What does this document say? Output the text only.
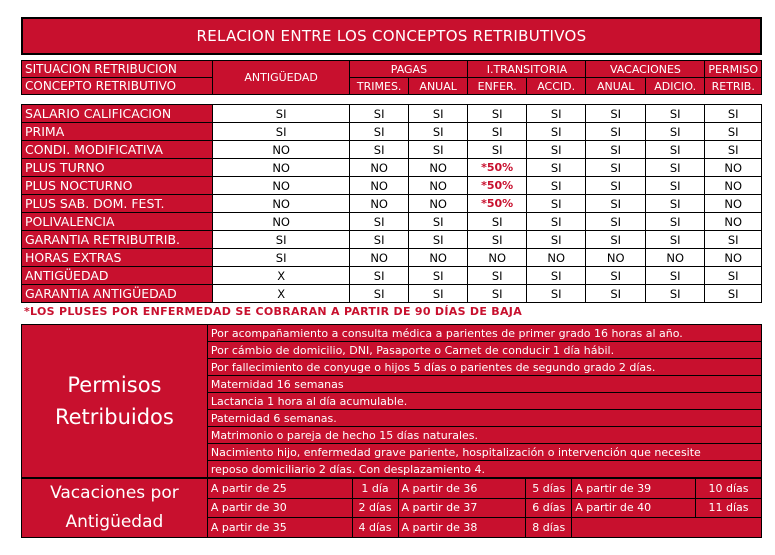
RELACION ENTRE LOS CONCEPTOS RETRIBUTIVOS
SITUACION RETRIBUCION	ANTIGÜEDAD	PAGAS		I.TRANSITORIA		VACACIONES		PERMISO
CONCEPTO RETRIBUTIVO		TRIMES.	ANUAL	ENFER.	ACCID.	ANUAL	ADICIO.	RETRIB.
SALARIO CALIFICACION	SI	SI	SI	SI	SI	SI	SI	SI
PRIMA	SI	SI	SI	SI	SI	SI	SI	SI
CONDI. MODIFICATIVA	NO	SI	SI	SI	SI	SI	SI	SI
PLUS TURNO	NO	NO	NO	*50%	SI	SI	SI	NO
PLUS NOCTURNO	NO	NO	NO	*50%	SI	SI	SI	NO
PLUS SAB. DOM. FEST.	NO	NO	NO	*50%	SI	SI	SI	NO
POLIVALENCIA	NO	SI	SI	SI	SI	SI	SI	NO
GARANTIA RETRIBUTRIB.	SI	SI	SI	SI	SI	SI	SI	SI
HORAS EXTRAS	SI	NO	NO	NO	NO	NO	NO	NO
ANTIGÜEDAD	X	SI	SI	SI	SI	SI	SI	SI
GARANTIA ANTIGÜEDAD	X	SI	SI	SI	SI	SI	SI	SI
*LOS PLUSES POR ENFERMEDAD SE COBRARAN A PARTIR DE 90 DÍAS DE BAJA
Permisos
Retribuidos
	Por acompañamiento a consulta médica a parientes de primer grado 16 horas al año.
Por cámbio de domicilio, DNI, Pasaporte o Carnet de conducir 1 día hábil.
Por fallecimiento de conyuge o hijos 5 días o parientes de segundo grado 2 días.
Maternidad 16 semanas
Lactancia 1 hora al día acumulable.
Paternidad 6 semanas.
Matrimonio o pareja de hecho 15 días naturales.
Nacimiento hijo, enfermedad grave pariente, hospitalización o intervención que necesite
reposo domiciliario 2 días. Con desplazamiento 4.
Vacaciones por
Antigüedad	A partir de 25	1 día	A partir de 36	5 días	A partir de 39	10 días
	A partir de 30	2 días	A partir de 37	6 días	A partir de 40	11 días
	A partir de 35	4 días	A partir de 38	8 días		
